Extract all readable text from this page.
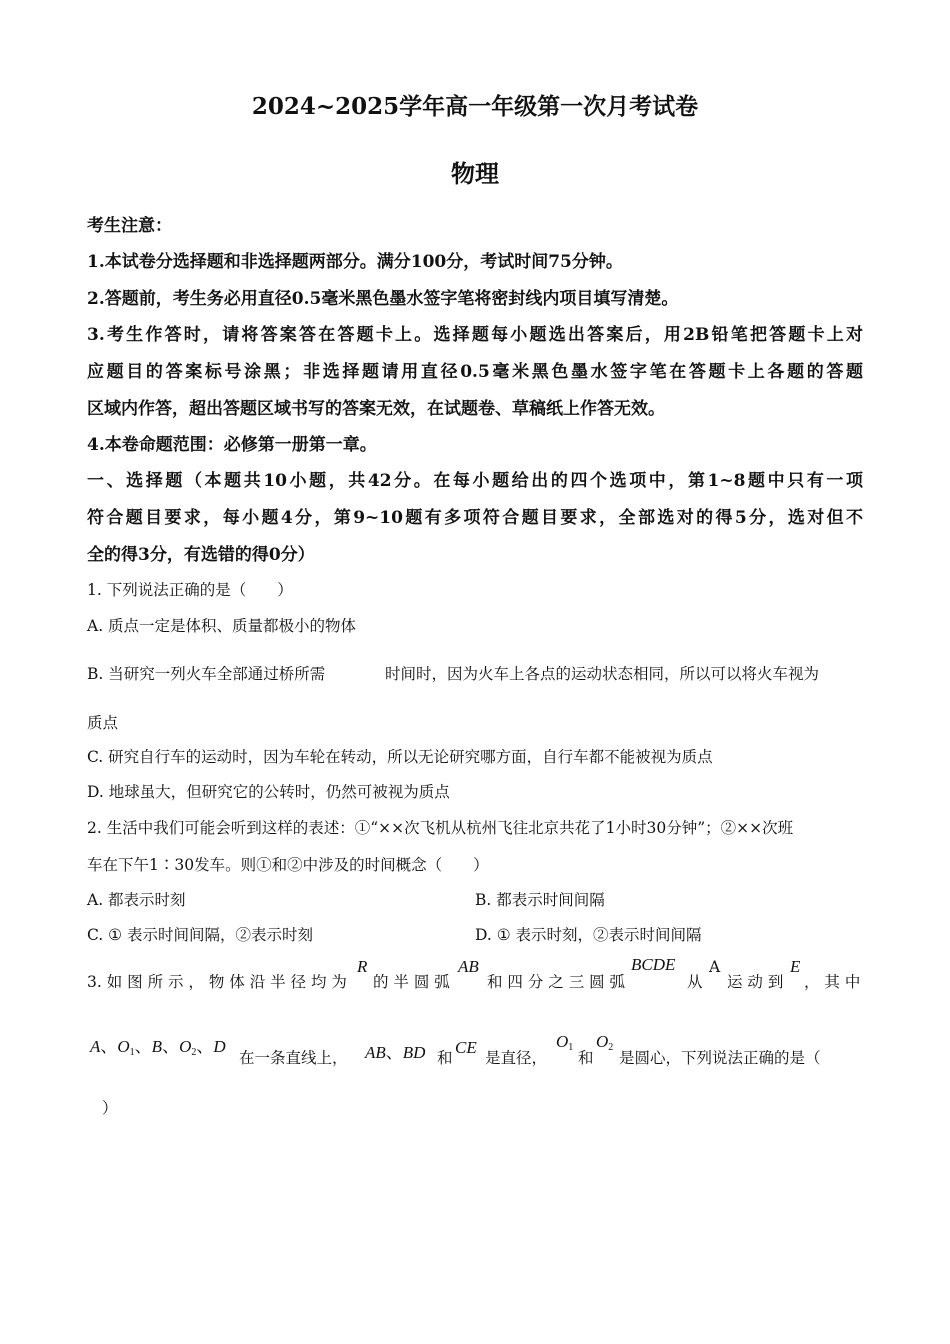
2024~2025学年高一年级第一次月考试卷
物理
考生注意：
1.本试卷分选择题和非选择题两部分。满分100分，考试时间75分钟。
2.答题前，考生务必用直径0.5毫米黑色墨水签字笔将密封线内项目填写清楚。
3.考生作答时，请将答案答在答题卡上。选择题每小题选出答案后，用2B铅笔把答题卡上对
应题目的答案标号涂黑；非选择题请用直径0.5毫米黑色墨水签字笔在答题卡上各题的答题
区域内作答，超出答题区域书写的答案无效，在试题卷、草稿纸上作答无效。
4.本卷命题范围：必修第一册第一章。
一、选择题（本题共10小题，共42分。在每小题给出的四个选项中，第1~8题中只有一项
符合题目要求，每小题4分，第9~10题有多项符合题目要求，全部选对的得5分，选对但不
全的得3分，有选错的得0分）
1. 下列说法正确的是（　　）
A. 质点一定是体积、质量都极小的物体
B. 当研究一列火车全部通过桥所需	时间时，因为火车上各点的运动状态相同，所以可以将火车视为
质点
C. 研究自行车的运动时，因为车轮在转动，所以无论研究哪方面，自行车都不能被视为质点
D. 地球虽大，但研究它的公转时，仍然可被视为质点
2. 生活中我们可能会听到这样的表述：①“××次飞机从杭州飞往北京共花了1小时30分钟”；②××次班
车在下午1∶30发车。则①和②中涉及的时间概念（　　）
A. 都表示时刻	B. 都表示时间间隔
C. ① 表示时间间隔，②表示时刻	D. ① 表示时刻，②表示时间间隔
3. 如 图 所 示 ， 物 体 沿 半 径 均 为
R
的 半 圆 弧
AB
和 四 分 之 三 圆 弧
BCDE
从
A
运 动 到
E
， 其 中
A、$O_1$、B、$O_2$、D
在一条直线上， AB、BD 和
CE
是直径，
$O_1$
和
$O_2$
是圆心，下列说法正确的是（
）
